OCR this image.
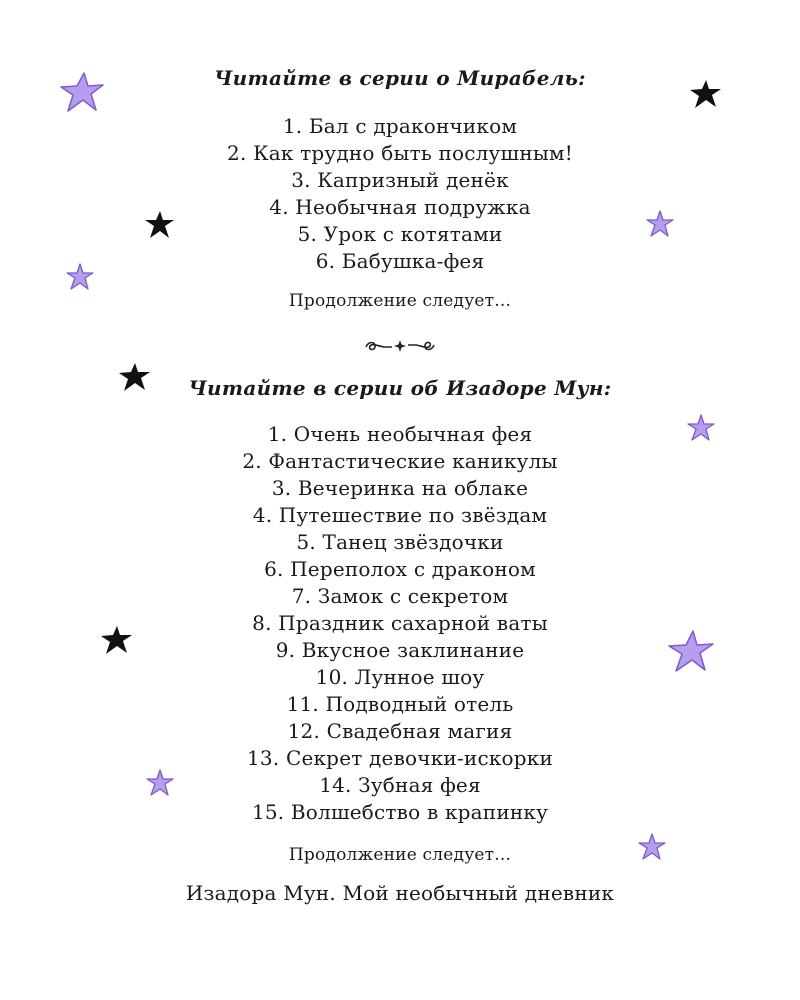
Читайте в серии о Мирабель:
1. Бал с дракончиком
2. Как трудно быть послушным!
3. Капризный денёк
4. Необычная подружка
5. Урок с котятами
6. Бабушка-фея
Продолжение следует...
Читайте в серии об Изадоре Мун:
1. Очень необычная фея
2. Фантастические каникулы
3. Вечеринка на облаке
4. Путешествие по звёздам
5. Танец звёздочки
6. Переполох с драконом
7. Замок с секретом
8. Праздник сахарной ваты
9. Вкусное заклинание
10. Лунное шоу
11. Подводный отель
12. Свадебная магия
13. Секрет девочки-искорки
14. Зубная фея
15. Волшебство в крапинку
Продолжение следует...
Изадора Мун. Мой необычный дневник
